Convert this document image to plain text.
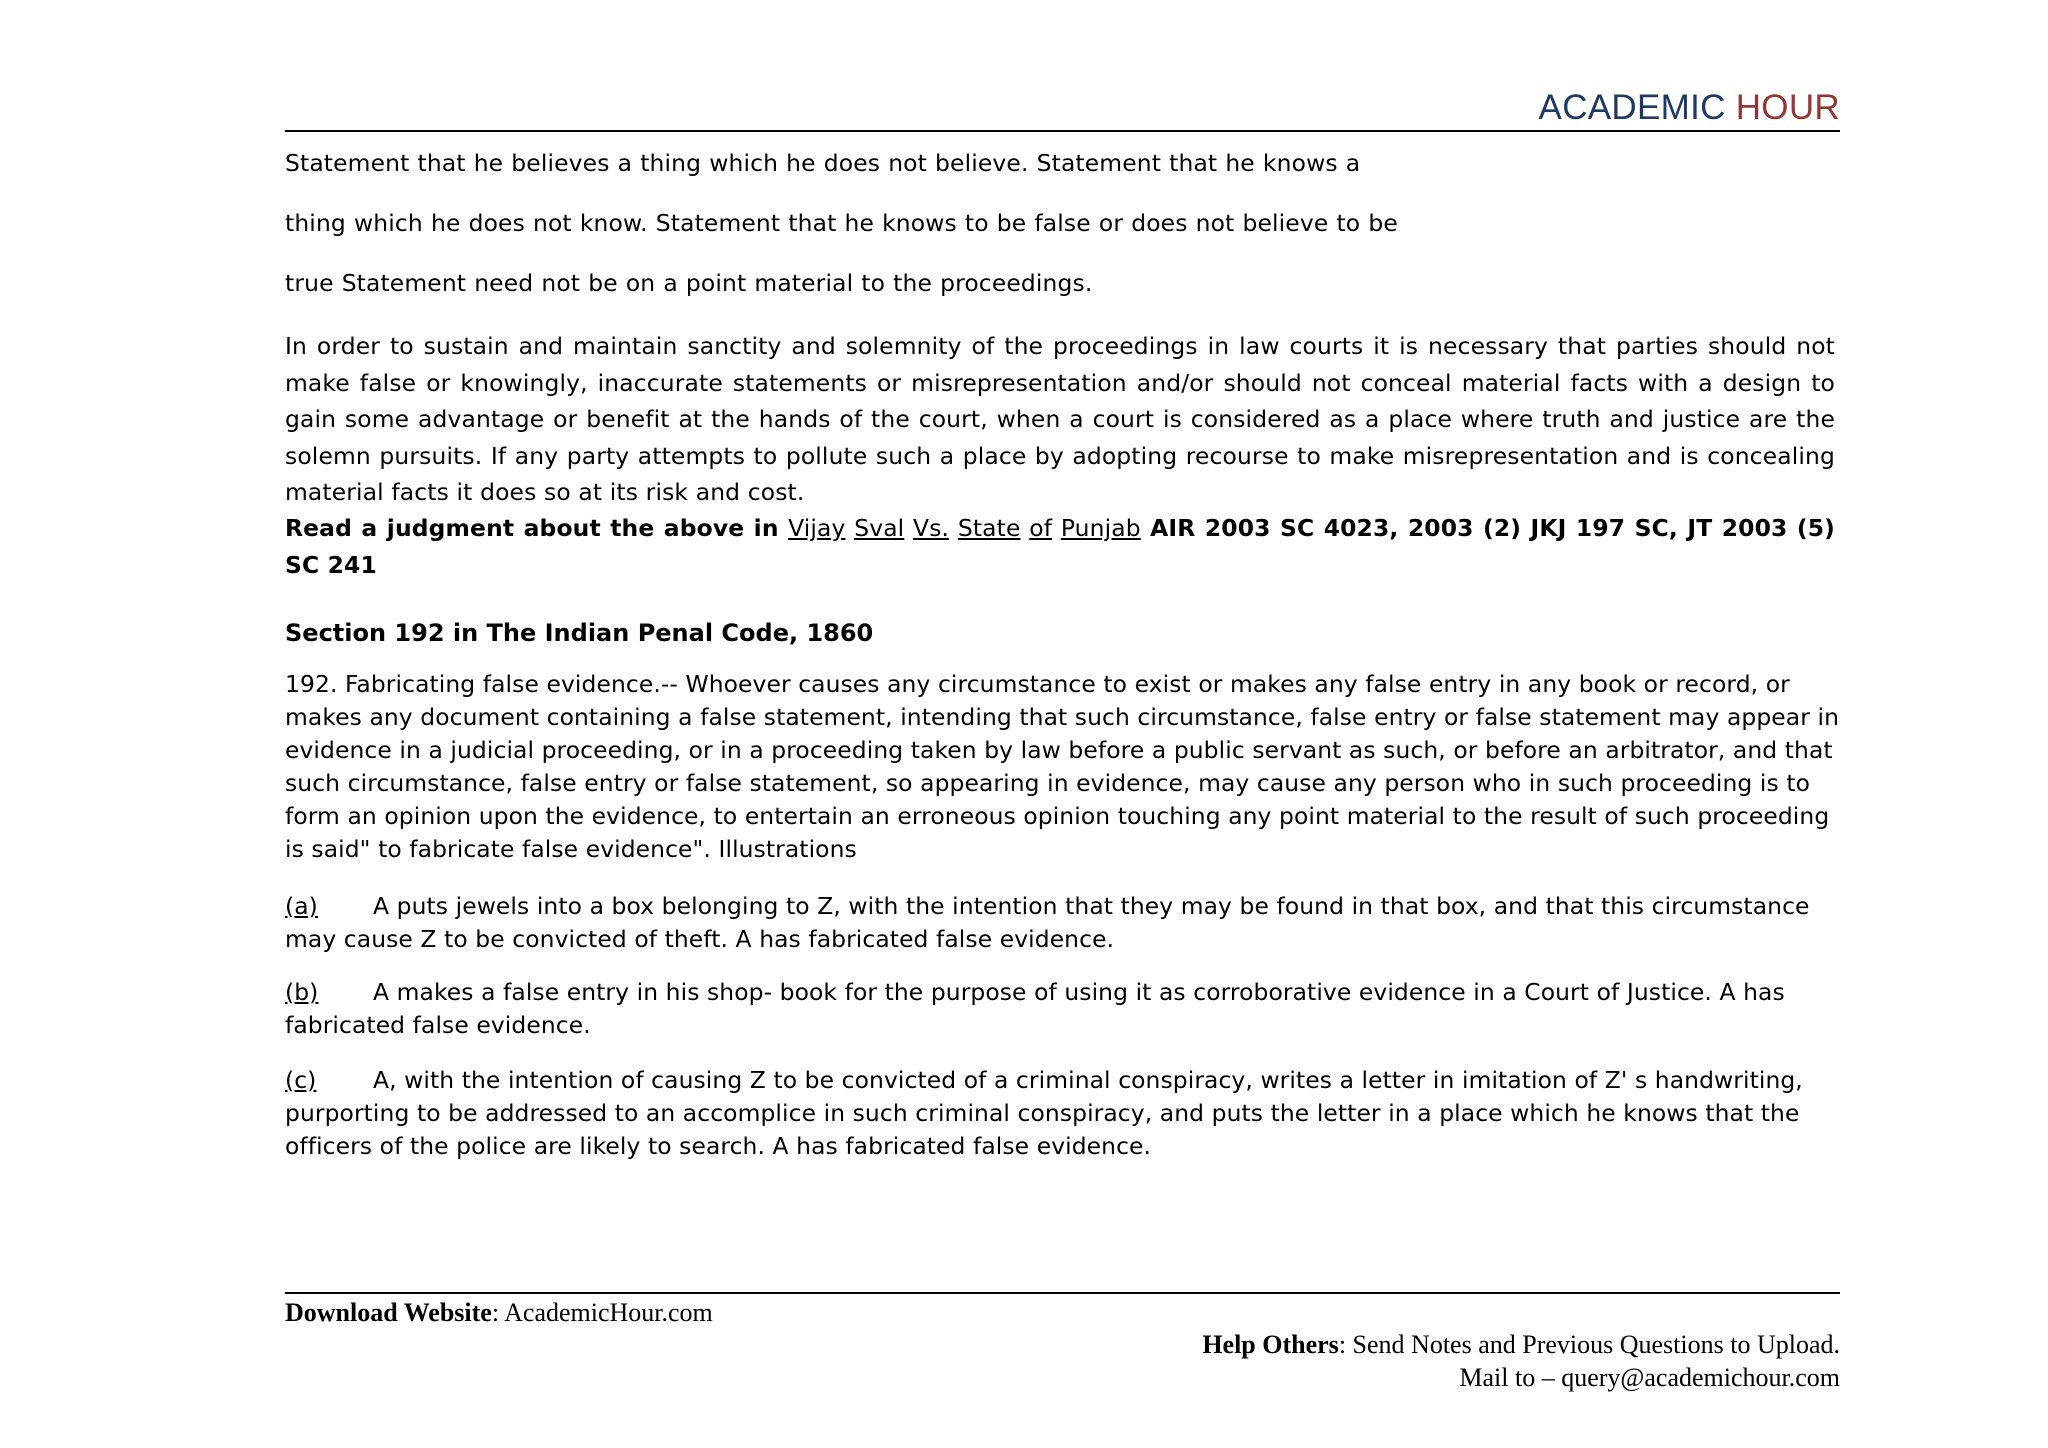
ACADEMIC HOUR
Statement that he believes a thing which he does not believe. Statement that he knows a
thing which he does not know. Statement that he knows to be false or does not believe to be
true Statement need not be on a point material to the proceedings.
In order to sustain and maintain sanctity and solemnity of the proceedings in law courts it is necessary that parties should not make false or knowingly, inaccurate statements or misrepresentation and/or should not conceal material facts with a design to gain some advantage or benefit at the hands of the court, when a court is considered as a place where truth and justice are the solemn pursuits. If any party attempts to pollute such a place by adopting recourse to make misrepresentation and is concealing material facts it does so at its risk and cost.
Read a judgment about the above in Vijay Sval Vs. State of Punjab AIR 2003 SC 4023, 2003 (2) JKJ 197 SC, JT 2003 (5) SC 241
Section 192 in The Indian Penal Code, 1860
192. Fabricating false evidence.-- Whoever causes any circumstance to exist or makes any false entry in any book or record, or makes any document containing a false statement, intending that such circumstance, false entry or false statement may appear in evidence in a judicial proceeding, or in a proceeding taken by law before a public servant as such, or before an arbitrator, and that such circumstance, false entry or false statement, so appearing in evidence, may cause any person who in such proceeding is to form an opinion upon the evidence, to entertain an erroneous opinion touching any point material to the result of such proceeding is said" to fabricate false evidence". Illustrations
(a) A puts jewels into a box belonging to Z, with the intention that they may be found in that box, and that this circumstance may cause Z to be convicted of theft. A has fabricated false evidence.
(b) A makes a false entry in his shop- book for the purpose of using it as corroborative evidence in a Court of Justice. A has fabricated false evidence.
(c) A, with the intention of causing Z to be convicted of a criminal conspiracy, writes a letter in imitation of Z' s handwriting, purporting to be addressed to an accomplice in such criminal conspiracy, and puts the letter in a place which he knows that the officers of the police are likely to search. A has fabricated false evidence.
Download Website: AcademicHour.com
Help Others: Send Notes and Previous Questions to Upload.
Mail to – query@academichour.com
